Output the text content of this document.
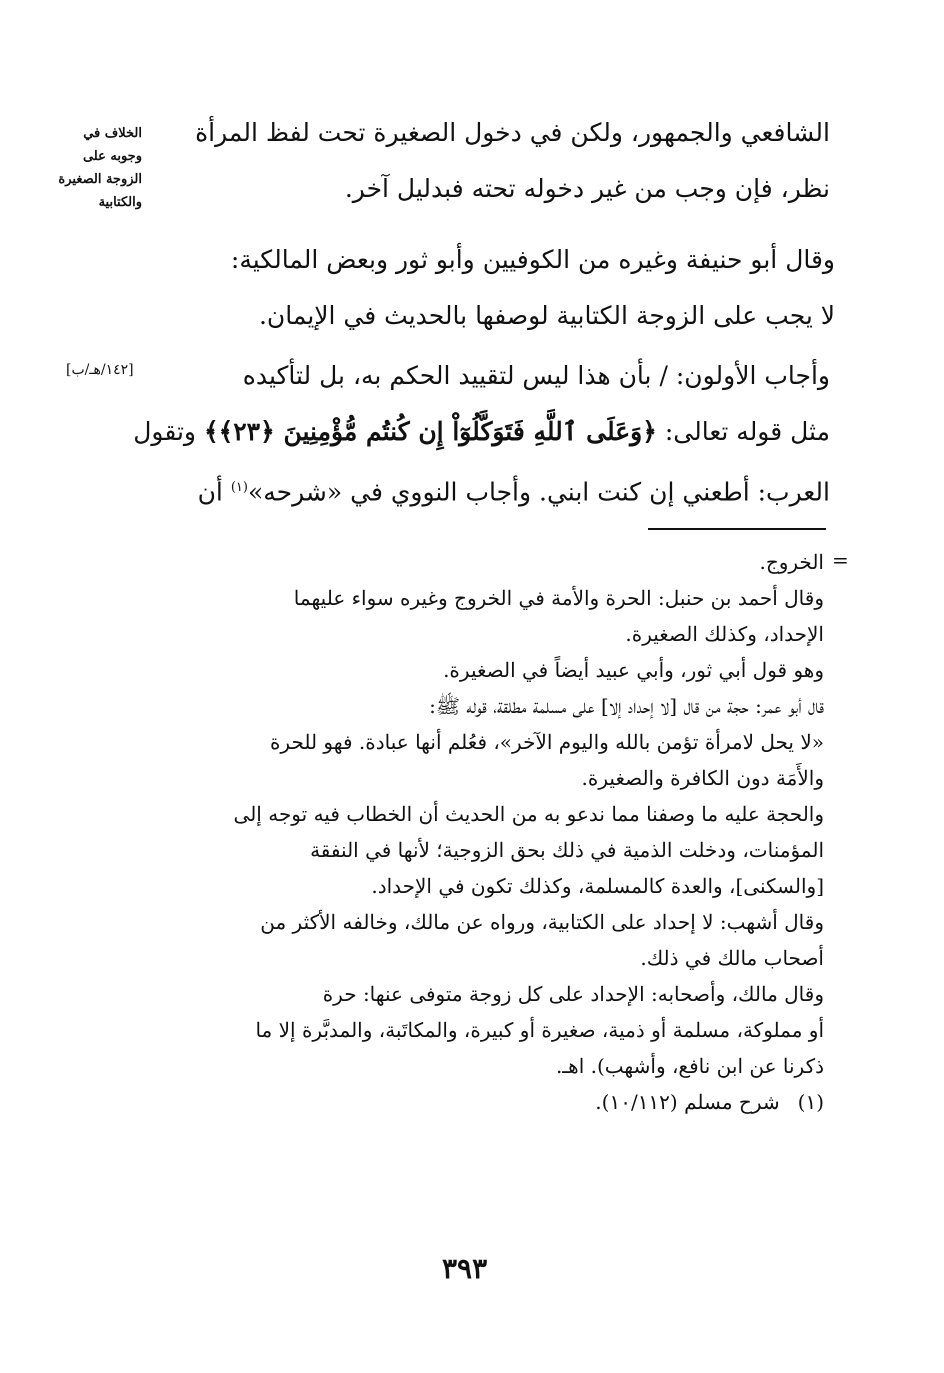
الخلاف في
وجوبه على
الزوجة الصغيرة
والكتابية
الشافعي والجمهور، ولكن في دخول الصغيرة تحت لفظ المرأة
نظر، فإن وجب من غير دخوله تحته فبدليل آخر.
وقال أبو حنيفة وغيره من الكوفيين وأبو ثور وبعض المالكية:
لا يجب على الزوجة الكتابية لوصفها بالحديث في الإيمان.
[١٤٢/هـ/ب]	وأجاب الأولون: / بأن هذا ليس لتقييد الحكم به، بل لتأكيده
مثل قوله تعالى: ﴿وَعَلَى ٱللَّهِ فَتَوَكَّلُوٓاْ إِن كُنتُم مُّؤْمِنِينَ ﴿٢٣﴾﴾ وتقول
العرب: أطعني إن كنت ابني. وأجاب النووي في «شرحه»$^{(١)}$ أن
=
الخروج.
وقال أحمد بن حنبل: الحرة والأمة في الخروج وغيره سواء عليهما
الإحداد، وكذلك الصغيرة.
وهو قول أبي ثور، وأبي عبيد أيضاً في الصغيرة.
قال أبو عمر: حجة من قال [لا إحداد إلا] على مسلمة مطلقة، قوله ﷺ:
«لا يحل لامرأة تؤمن بالله واليوم الآخر»، فعُلم أنها عبادة. فهو للحرة
والأَمَة دون الكافرة والصغيرة.
والحجة عليه ما وصفنا مما ندعو به من الحديث أن الخطاب فيه توجه إلى
المؤمنات، ودخلت الذمية في ذلك بحق الزوجية؛ لأنها في النفقة
[والسكنى]، والعدة كالمسلمة، وكذلك تكون في الإحداد.
وقال أشهب: لا إحداد على الكتابية، ورواه عن مالك، وخالفه الأكثر من
أصحاب مالك في ذلك.
وقال مالك، وأصحابه: الإحداد على كل زوجة متوفى عنها: حرة
أو مملوكة، مسلمة أو ذمية، صغيرة أو كبيرة، والمكاتَبة، والمدبَّرة إلا ما
ذكرنا عن ابن نافع، وأشهب). اهـ.
(١) شرح مسلم (١٠/١١٢).
٣٩٣
